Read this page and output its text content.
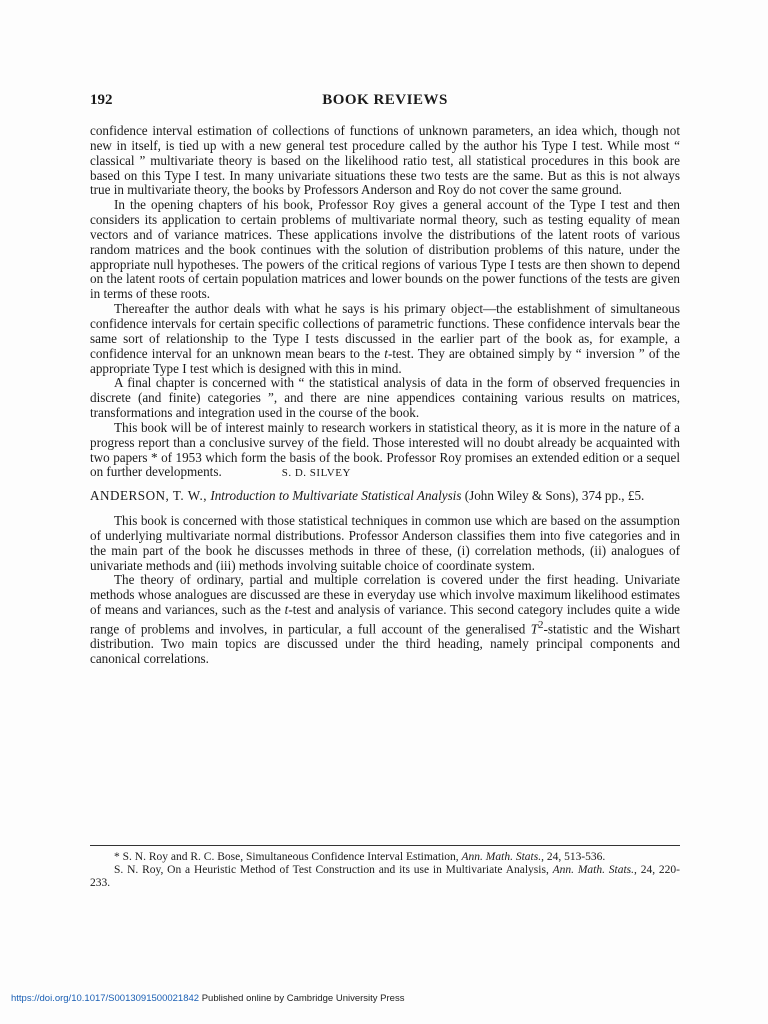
192	BOOK REVIEWS

confidence interval estimation of collections of functions of unknown parameters, an idea which, though not new in itself, is tied up with a new general test procedure called by the author his Type I test. While most “ classical ” multivariate theory is based on the likelihood ratio test, all statistical procedures in this book are based on this Type I test. In many univariate situations these two tests are the same. But as this is not always true in multivariate theory, the books by Professors Anderson and Roy do not cover the same ground.

In the opening chapters of his book, Professor Roy gives a general account of the Type I test and then considers its application to certain problems of multivariate normal theory, such as testing equality of mean vectors and of variance matrices. These applications involve the distributions of the latent roots of various random matrices and the book continues with the solution of distribution problems of this nature, under the appropriate null hypotheses. The powers of the critical regions of various Type I tests are then shown to depend on the latent roots of certain population matrices and lower bounds on the power functions of the tests are given in terms of these roots.

Thereafter the author deals with what he says is his primary object—the establishment of simultaneous confidence intervals for certain specific collections of parametric functions. These confidence intervals bear the same sort of relationship to the Type I tests discussed in the earlier part of the book as, for example, a confidence interval for an unknown mean bears to the t-test. They are obtained simply by “ inversion ” of the appropriate Type I test which is designed with this in mind.

A final chapter is concerned with “ the statistical analysis of data in the form of observed frequencies in discrete (and finite) categories ”, and there are nine appendices containing various results on matrices, transformations and integration used in the course of the book.

This book will be of interest mainly to research workers in statistical theory, as it is more in the nature of a progress report than a conclusive survey of the field. Those interested will no doubt already be acquainted with two papers * of 1953 which form the basis of the book. Professor Roy promises an extended edition or a sequel on further developments.	S. D. SILVEY

ANDERSON, T. W., Introduction to Multivariate Statistical Analysis (John Wiley & Sons), 374 pp., £5.

This book is concerned with those statistical techniques in common use which are based on the assumption of underlying multivariate normal distributions. Professor Anderson classifies them into five categories and in the main part of the book he discusses methods in three of these, (i) correlation methods, (ii) analogues of univariate methods and (iii) methods involving suitable choice of coordinate system.

The theory of ordinary, partial and multiple correlation is covered under the first heading. Univariate methods whose analogues are discussed are these in everyday use which involve maximum likelihood estimates of means and variances, such as the t-test and analysis of variance. This second category includes quite a wide range of problems and involves, in particular, a full account of the generalised $T^2$-statistic and the Wishart distribution. Two main topics are discussed under the third heading, namely principal components and canonical correlations.

* S. N. Roy and R. C. Bose, Simultaneous Confidence Interval Estimation, Ann. Math. Stats., 24, 513-536.

S. N. Roy, On a Heuristic Method of Test Construction and its use in Multivariate Analysis, Ann. Math. Stats., 24, 220-233.

https://doi.org/10.1017/S0013091500021842 Published online by Cambridge University Press
